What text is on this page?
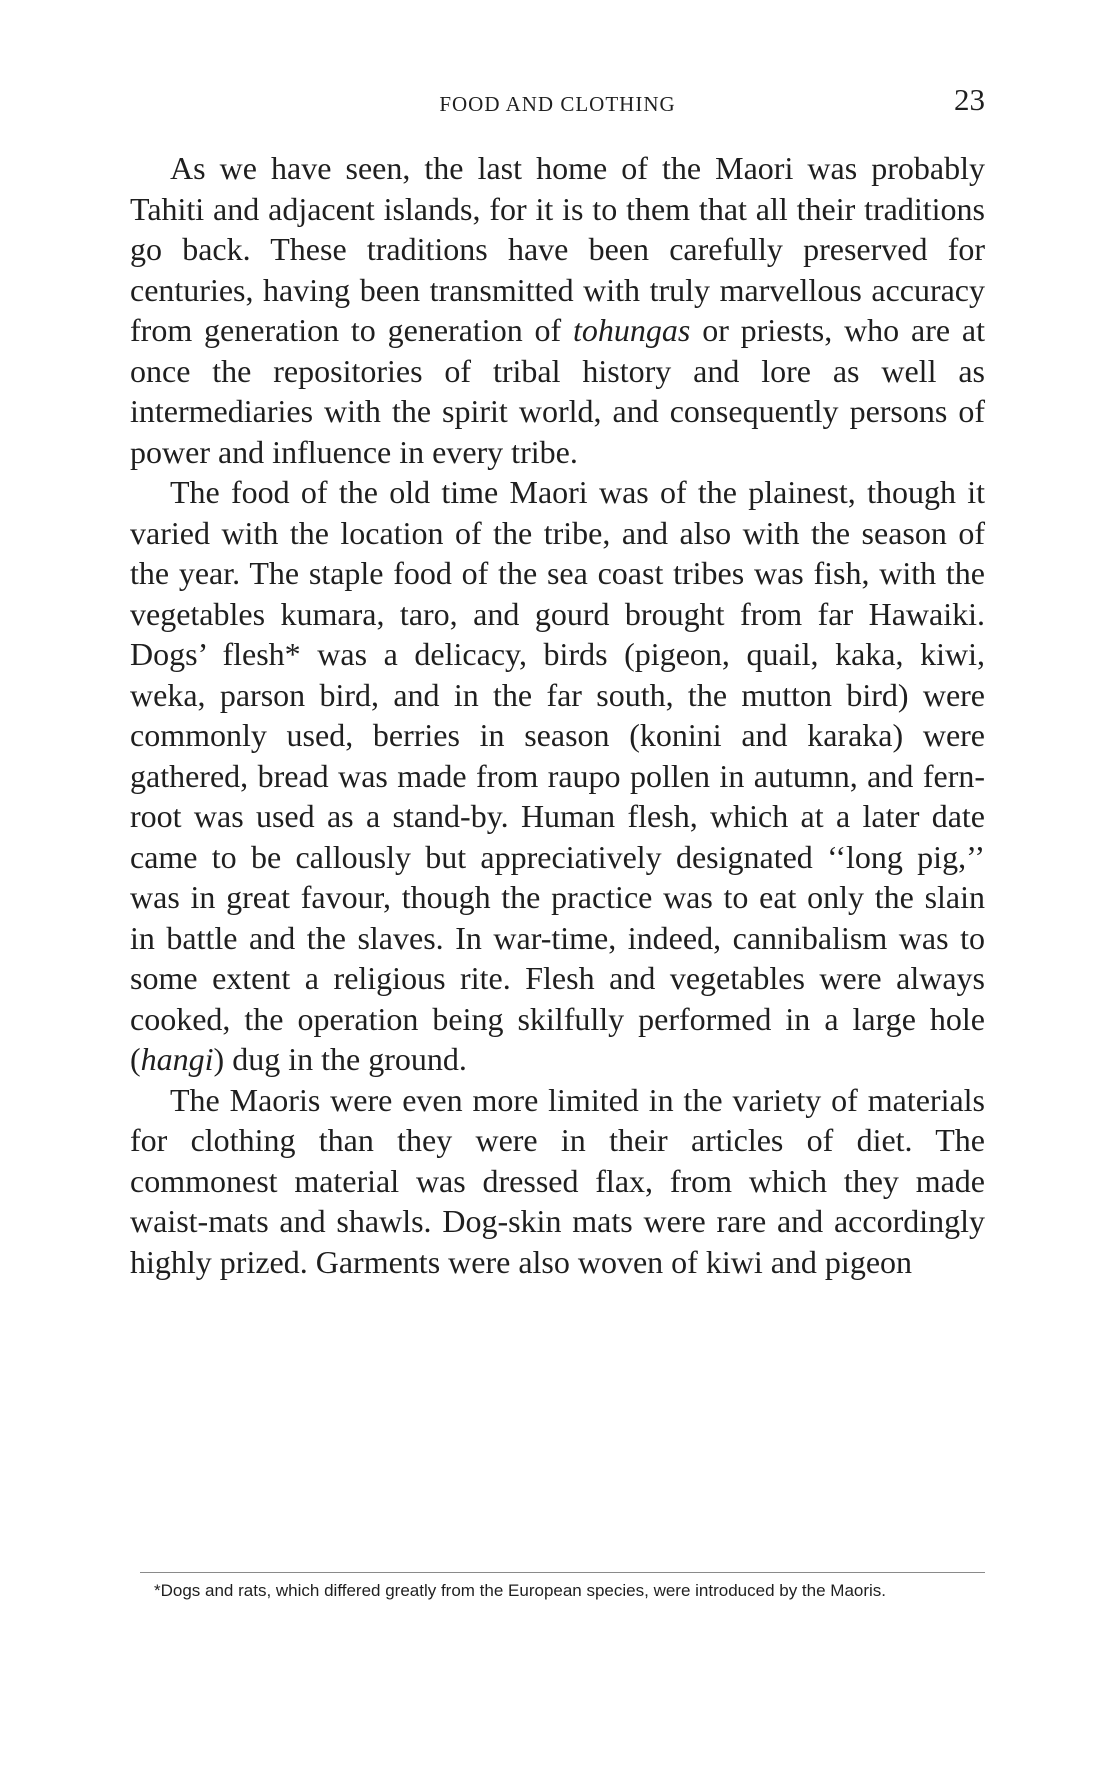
FOOD AND CLOTHING	23

As we have seen, the last home of the Maori was probably Tahiti and adjacent islands, for it is to them that all their traditions go back. These traditions have been carefully preserved for centuries, having been transmitted with truly marvellous accuracy from generation to generation of tohungas or priests, who are at once the repositories of tribal history and lore as well as intermediaries with the spirit world, and consequently persons of power and influence in every tribe.

The food of the old time Maori was of the plainest, though it varied with the location of the tribe, and also with the season of the year. The staple food of the sea coast tribes was fish, with the vegetables kumara, taro, and gourd brought from far Hawaiki. Dogs’ flesh* was a delicacy, birds (pigeon, quail, kaka, kiwi, weka, parson bird, and in the far south, the mutton bird) were commonly used, berries in season (konini and karaka) were gathered, bread was made from raupo pollen in autumn, and fern-root was used as a stand-by. Human flesh, which at a later date came to be callously but appreciatively designated ‘‘long pig,’’ was in great favour, though the practice was to eat only the slain in battle and the slaves. In war-time, indeed, cannibalism was to some extent a religious rite. Flesh and vegetables were always cooked, the operation being skilfully performed in a large hole (hangi) dug in the ground.

The Maoris were even more limited in the variety of materials for clothing than they were in their articles of diet. The commonest material was dressed flax, from which they made waist-mats and shawls. Dog-skin mats were rare and accordingly highly prized. Garments were also woven of kiwi and pigeon

*Dogs and rats, which differed greatly from the European species, were introduced by the Maoris.
